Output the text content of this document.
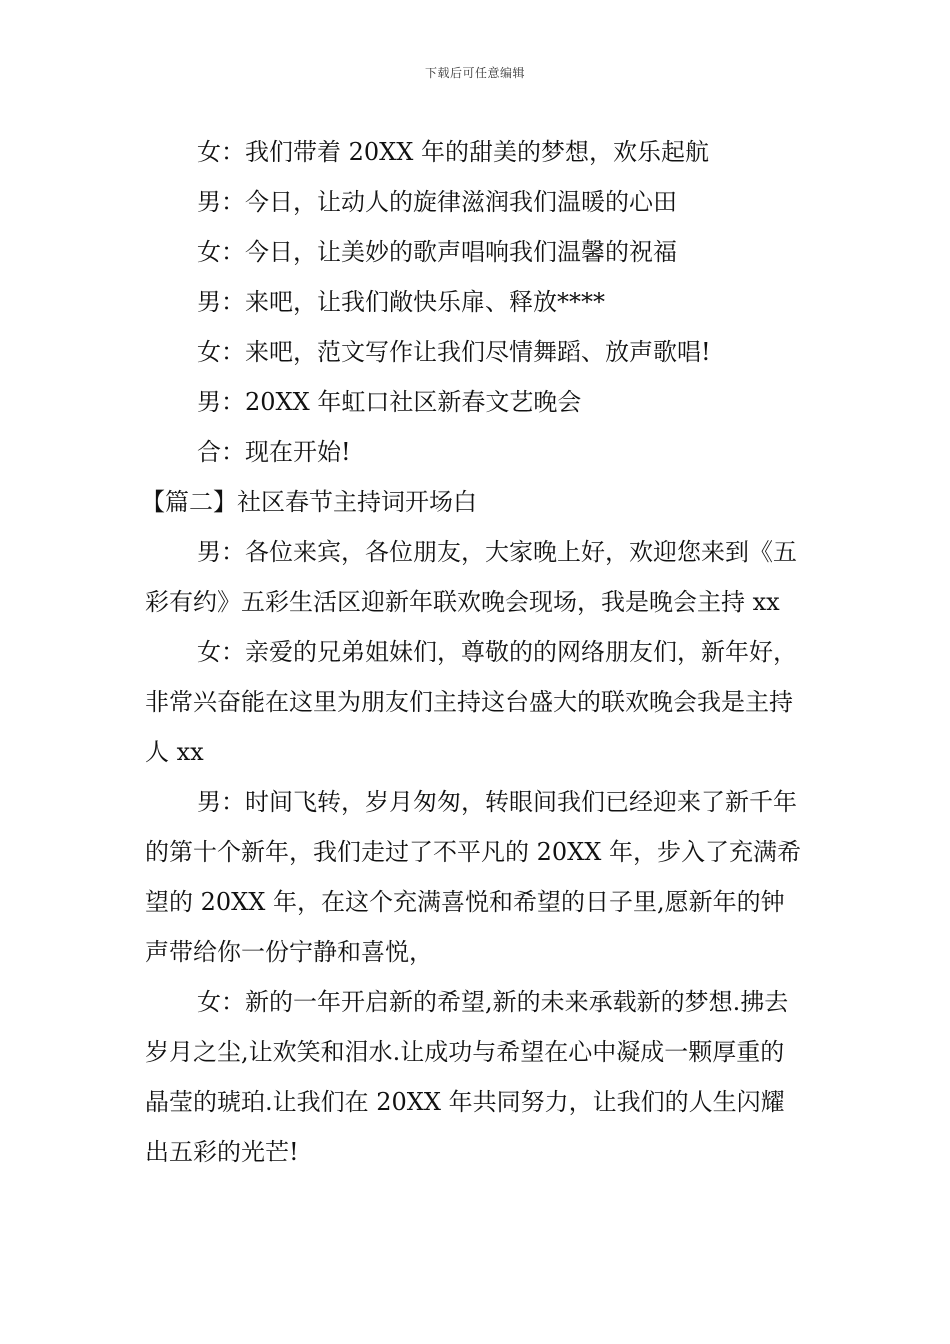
下载后可任意编辑

女：我们带着 20XX 年的甜美的梦想，欢乐起航

男：今日，让动人的旋律滋润我们温暖的心田

女：今日，让美妙的歌声唱响我们温馨的祝福

男：来吧，让我们敞快乐扉、释放****

女：来吧，范文写作让我们尽情舞蹈、放声歌唱!

男：20XX 年虹口社区新春文艺晚会

合：现在开始!

【篇二】社区春节主持词开场白

男：各位来宾，各位朋友，大家晚上好，欢迎您来到《五彩有约》五彩生活区迎新年联欢晚会现场，我是晚会主持 xx

女：亲爱的兄弟姐妹们，尊敬的的网络朋友们，新年好，非常兴奋能在这里为朋友们主持这台盛大的联欢晚会我是主持人 xx

男：时间飞转，岁月匆匆，转眼间我们已经迎来了新千年的第十个新年，我们走过了不平凡的 20XX 年，步入了充满希望的 20XX 年，在这个充满喜悦和希望的日子里,愿新年的钟声带给你一份宁静和喜悦，

女：新的一年开启新的希望,新的未来承载新的梦想.拂去岁月之尘,让欢笑和泪水.让成功与希望在心中凝成一颗厚重的晶莹的琥珀.让我们在 20XX 年共同努力，让我们的人生闪耀出五彩的光芒!
